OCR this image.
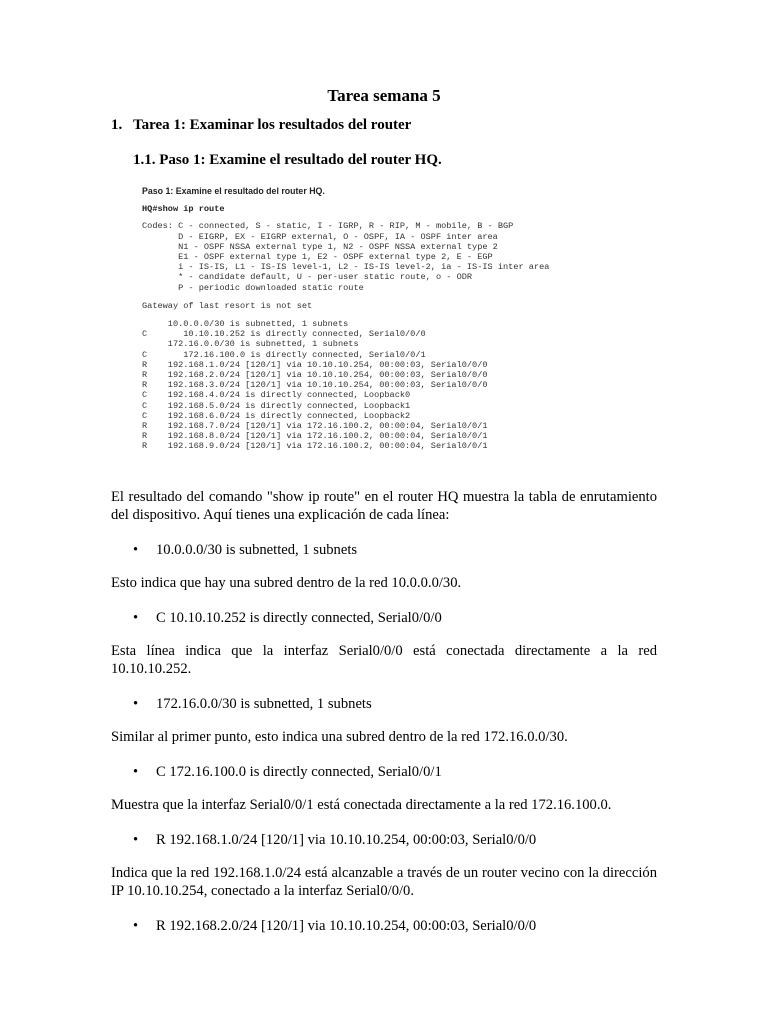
Tarea semana 5
1. Tarea 1: Examinar los resultados del router
1.1. Paso 1: Examine el resultado del router HQ.
Paso 1: Examine el resultado del router HQ.
HQ#show ip route
Codes: C - connected, S - static, I - IGRP, R - RIP, M - mobile, B - BGP
D - EIGRP, EX - EIGRP external, O - OSPF, IA - OSPF inter area
N1 - OSPF NSSA external type 1, N2 - OSPF NSSA external type 2
E1 - OSPF external type 1, E2 - OSPF external type 2, E - EGP
i - IS-IS, L1 - IS-IS level-1, L2 - IS-IS level-2, ia - IS-IS inter area
* - candidate default, U - per-user static route, o - ODR
P - periodic downloaded static route
Gateway of last resort is not set
10.0.0.0/30 is subnetted, 1 subnets
C       10.10.10.252 is directly connected, Serial0/0/0
172.16.0.0/30 is subnetted, 1 subnets
C       172.16.100.0 is directly connected, Serial0/0/1
R    192.168.1.0/24 [120/1] via 10.10.10.254, 00:00:03, Serial0/0/0
R    192.168.2.0/24 [120/1] via 10.10.10.254, 00:00:03, Serial0/0/0
R    192.168.3.0/24 [120/1] via 10.10.10.254, 00:00:03, Serial0/0/0
C    192.168.4.0/24 is directly connected, Loopback0
C    192.168.5.0/24 is directly connected, Loopback1
C    192.168.6.0/24 is directly connected, Loopback2
R    192.168.7.0/24 [120/1] via 172.16.100.2, 00:00:04, Serial0/0/1
R    192.168.8.0/24 [120/1] via 172.16.100.2, 00:00:04, Serial0/0/1
R    192.168.9.0/24 [120/1] via 172.16.100.2, 00:00:04, Serial0/0/1
El resultado del comando "show ip route" en el router HQ muestra la tabla de enrutamiento del dispositivo. Aquí tienes una explicación de cada línea:
• 10.0.0.0/30 is subnetted, 1 subnets
Esto indica que hay una subred dentro de la red 10.0.0.0/30.
• C 10.10.10.252 is directly connected, Serial0/0/0
Esta línea indica que la interfaz Serial0/0/0 está conectada directamente a la red 10.10.10.252.
• 172.16.0.0/30 is subnetted, 1 subnets
Similar al primer punto, esto indica una subred dentro de la red 172.16.0.0/30.
• C 172.16.100.0 is directly connected, Serial0/0/1
Muestra que la interfaz Serial0/0/1 está conectada directamente a la red 172.16.100.0.
• R 192.168.1.0/24 [120/1] via 10.10.10.254, 00:00:03, Serial0/0/0
Indica que la red 192.168.1.0/24 está alcanzable a través de un router vecino con la dirección IP 10.10.10.254, conectado a la interfaz Serial0/0/0.
• R 192.168.2.0/24 [120/1] via 10.10.10.254, 00:00:03, Serial0/0/0
